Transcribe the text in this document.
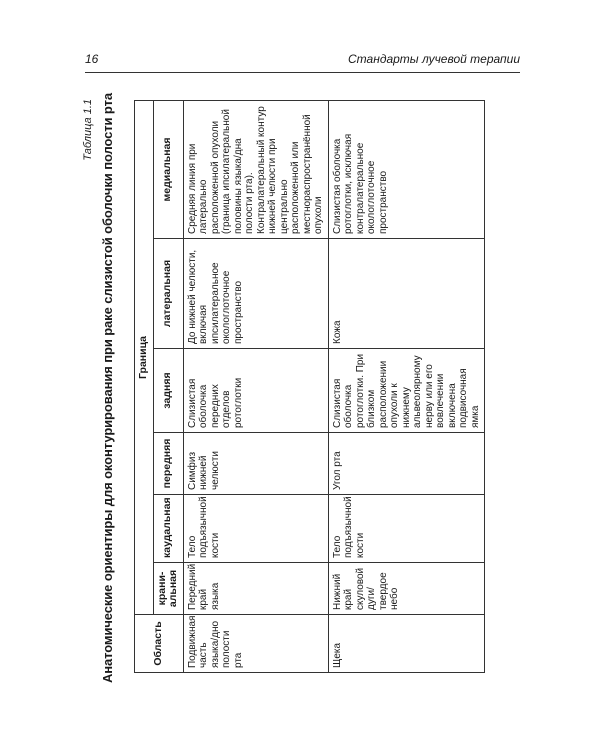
16	Стандарты лучевой терапии
Таблица 1.1 Анатомические ориентиры для оконтурирования при раке слизистой оболочки полости рта	Область	Граница					
	крани-альная	каудальная	передняя	задняя	латеральная	медиальная
Подвижная часть языка/дно полости рта	Передний край языка	Тело подъязычной кости	Симфиз нижней челюсти	Слизистая оболочка передних отделов ротоглотки	До нижней челюсти, включая ипсилатеральное окологлоточное пространство	Средняя линия при латерально расположенной опухоли (граница ипсилатеральной половины языка/дна полости рта). Контралатеральный контур нижней челюсти при центрально расположенной или местнораспространённой опухоли
Щека	Нижний край скуловой дуги/твердое небо	Тело подъязычной кости	Угол рта	Слизистая оболочка ротоглотки. При близком расположении опухоли к нижнему альвеолярному нерву или его вовлечении включена подвисочная ямка	Кожа	Слизистая оболочка ротоглотки, исключая контралатеральное окологлоточное пространство
